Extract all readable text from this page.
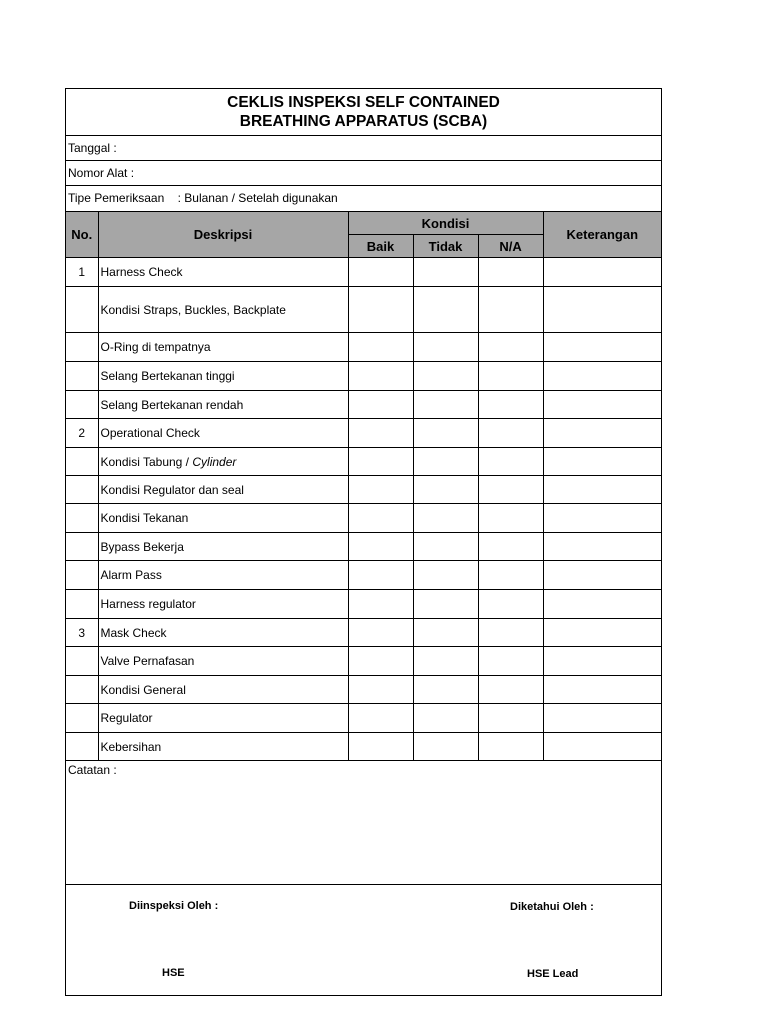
CEKLIS INSPEKSI SELF CONTAINED
BREATHING APPARATUS (SCBA)
Tanggal :
Nomor Alat :
Tipe Pemeriksaan    : Bulanan / Setelah digunakan
No.	Deskripsi	Kondisi			Keterangan
		Baik	Tidak	N/A	
1	Harness Check				
	Kondisi Straps, Buckles, Backplate				
	O-Ring di tempatnya				
	Selang Bertekanan tinggi				
	Selang Bertekanan rendah				
2	Operational Check				
	Kondisi Tabung / Cylinder				
	Kondisi Regulator dan seal				
	Kondisi Tekanan				
	Bypass Bekerja				
	Alarm Pass				
	Harness regulator				
3	Mask Check				
	Valve Pernafasan				
	Kondisi General				
	Regulator				
	Kebersihan				
Catatan :
Diinspeksi Oleh :	Diketahui Oleh :
HSE	HSE Lead
